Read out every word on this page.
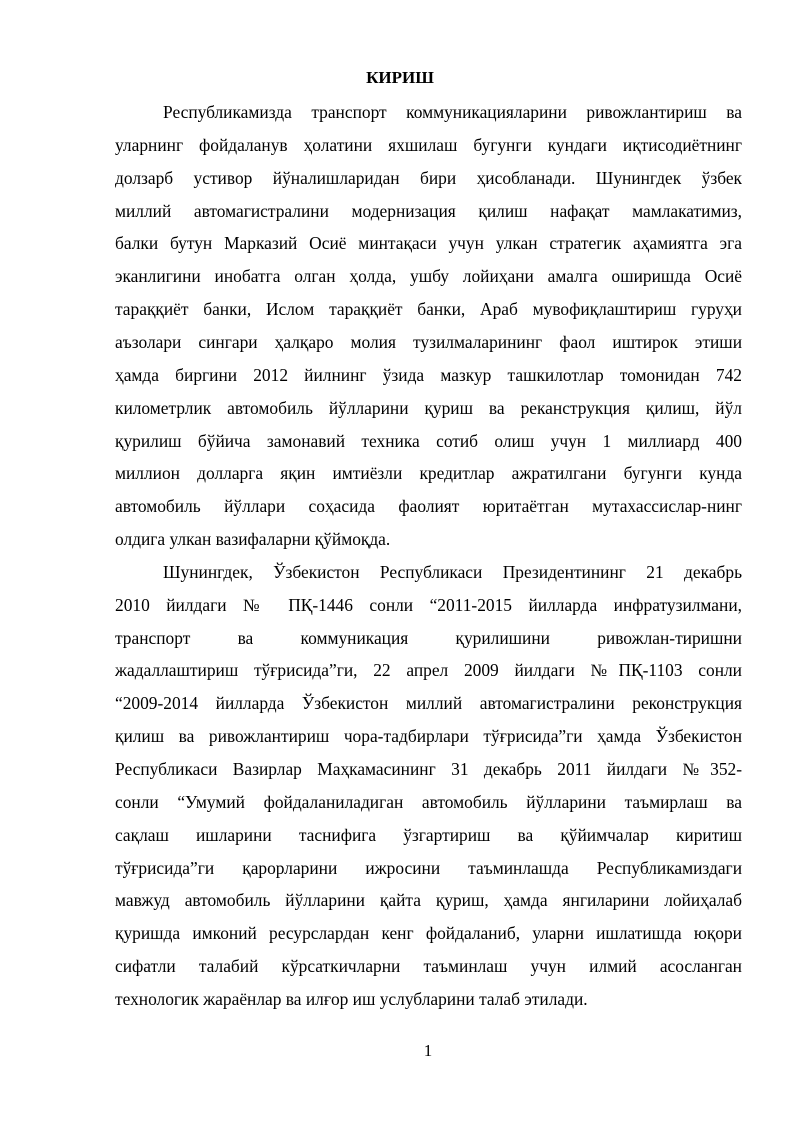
КИРИШ
Республикамизда транспорт коммуникацияларини ривожлантириш ва
уларнинг фойдаланув ҳолатини яхшилаш бугунги кундаги иқтисодиётнинг
долзарб устивор йўналишларидан бири ҳисобланади. Шунингдек ўзбек
миллий автомагистралини модернизация қилиш нафақат мамлакатимиз,
балки бутун Марказий Осиё минтақаси учун улкан стратегик аҳамиятга эга
эканлигини инобатга олган ҳолда, ушбу лойиҳани амалга оширишда Осиё
тараққиёт банки, Ислом тараққиёт банки, Араб мувофиқлаштириш гуруҳи
аъзолари сингари ҳалқаро молия тузилмаларининг фаол иштирок этиши
ҳамда биргини 2012 йилнинг ўзида мазкур ташкилотлар томонидан 742
километрлик автомобиль йўлларини қуриш ва реканструкция қилиш, йўл
қурилиш бўйича замонавий техника сотиб олиш учун 1 миллиард 400
миллион долларга яқин имтиёзли кредитлар ажратилгани бугунги кунда
автомобиль йўллари соҳасида фаолият юритаётган мутахассислар-нинг
олдига улкан вазифаларни қўймоқда.
Шунингдек, Ўзбекистон Республикаси Президентининг 21 декабрь
2010 йилдаги № ПҚ-1446 сонли “2011-2015 йилларда инфратузилмани,
транспорт ва коммуникация қурилишини ривожлан-тиришни
жадаллаштириш тўғрисида”ги, 22 апрел 2009 йилдаги №ПҚ-1103 сонли
“2009-2014 йилларда Ўзбекистон миллий автомагистралини реконструкция
қилиш ва ривожлантириш чора-тадбирлари тўғрисида”ги ҳамда Ўзбекистон
Республикаси Вазирлар Маҳкамасининг 31 декабрь 2011 йилдаги №352-
сонли “Умумий фойдаланиладиган автомобиль йўлларини таъмирлаш ва
сақлаш ишларини таснифига ўзгартириш ва қўйимчалар киритиш
тўғрисида”ги қарорларини ижросини таъминлашда Республикамиздаги
мавжуд автомобиль йўлларини қайта қуриш, ҳамда янгиларини лойиҳалаб
қуришда имконий ресурслардан кенг фойдаланиб, уларни ишлатишда юқори
сифатли талабий кўрсаткичларни таъминлаш учун илмий асосланган
технологик жараёнлар ва илғор иш услубларини талаб этилади.
1
